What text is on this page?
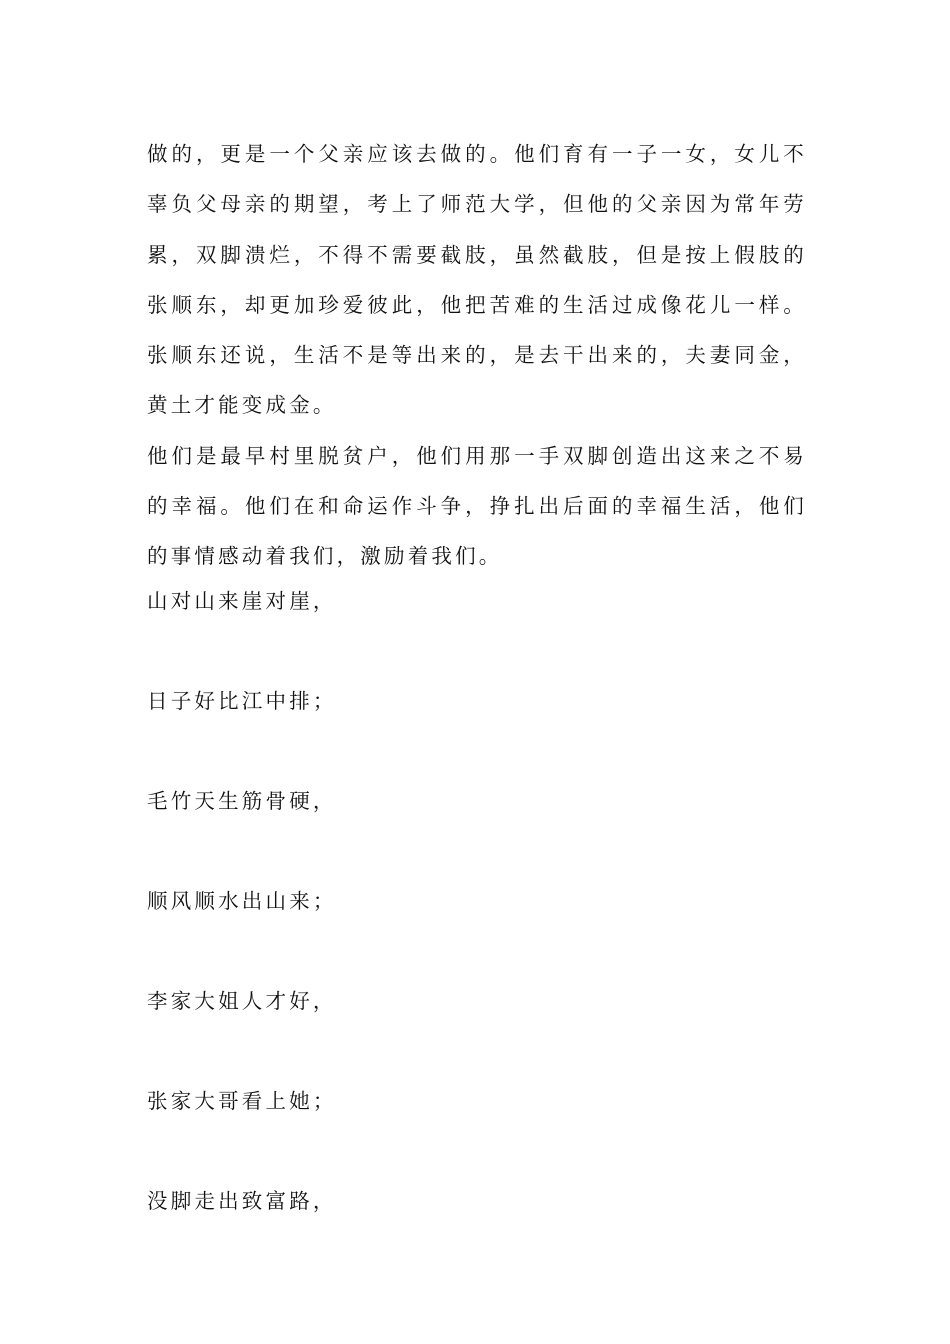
做的，更是一个父亲应该去做的。他们育有一子一女，女儿不辜负父母亲的期望，考上了师范大学，但他的父亲因为常年劳累，双脚溃烂，不得不需要截肢，虽然截肢，但是按上假肢的张顺东，却更加珍爱彼此，他把苦难的生活过成像花儿一样。张顺东还说，生活不是等出来的，是去干出来的，夫妻同金，黄土才能变成金。

他们是最早村里脱贫户，他们用那一手双脚创造出这来之不易的幸福。他们在和命运作斗争，挣扎出后面的幸福生活，他们的事情感动着我们，激励着我们。

山对山来崖对崖，
日子好比江中排；
毛竹天生筋骨硬，
顺风顺水出山来；
李家大姐人才好，
张家大哥看上她；
没脚走出致富路，
